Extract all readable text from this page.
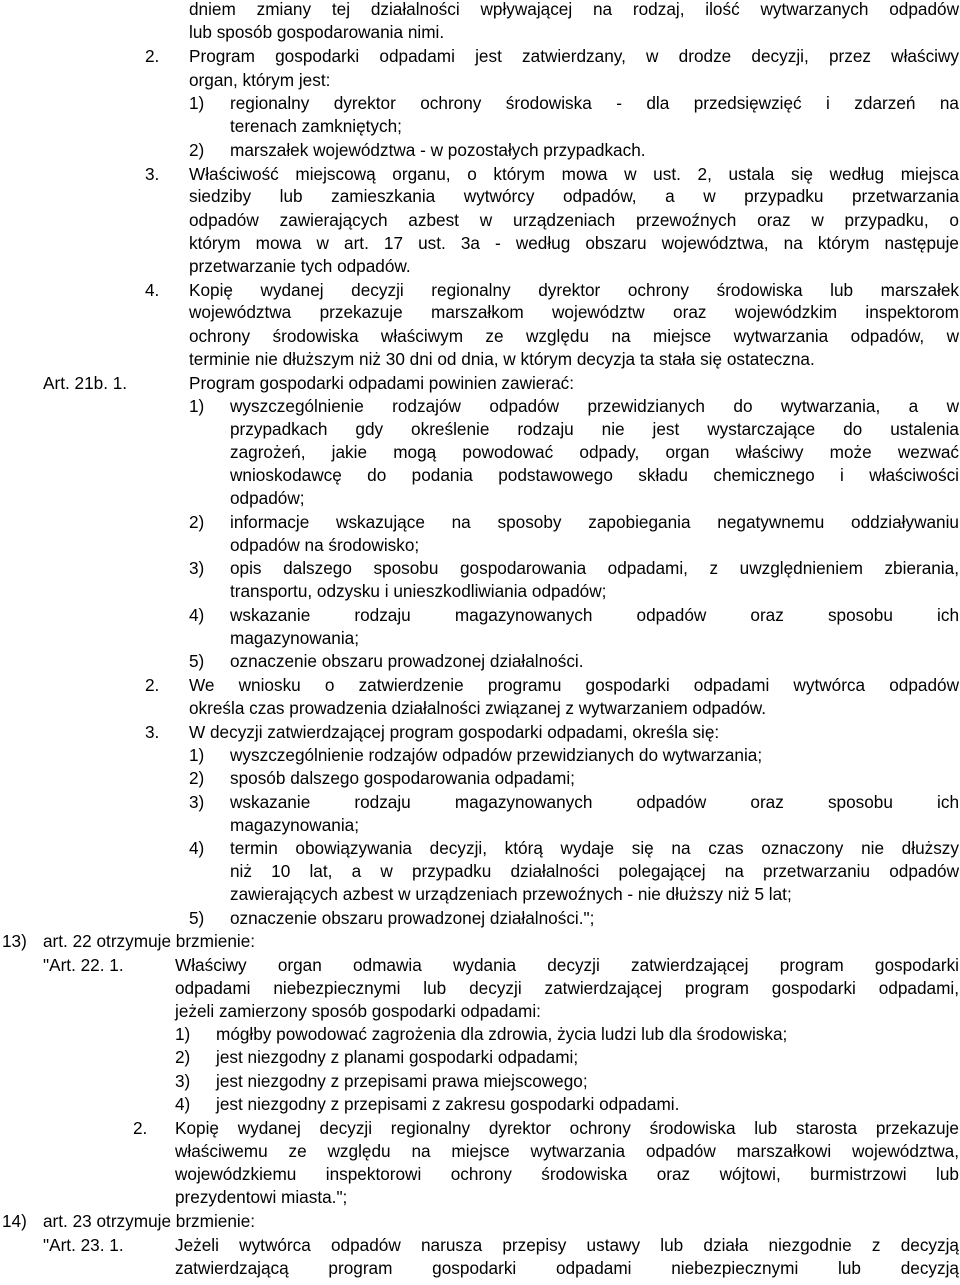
dniem zmiany tej działalności wpływającej na rodzaj, ilość wytwarzanych odpadów
lub sposób gospodarowania nimi.
2. Program gospodarki odpadami jest zatwierdzany, w drodze decyzji, przez właściwy
organ, którym jest:
1) regionalny dyrektor ochrony środowiska - dla przedsięwzięć i zdarzeń na
terenach zamkniętych;
2) marszałek województwa - w pozostałych przypadkach.
3. Właściwość miejscową organu, o którym mowa w ust. 2, ustala się według miejsca
siedziby lub zamieszkania wytwórcy odpadów, a w przypadku przetwarzania
odpadów zawierających azbest w urządzeniach przewoźnych oraz w przypadku, o
którym mowa w art. 17 ust. 3a - według obszaru województwa, na którym następuje
przetwarzanie tych odpadów.
4. Kopię wydanej decyzji regionalny dyrektor ochrony środowiska lub marszałek
województwa przekazuje marszałkom województw oraz wojewódzkim inspektorom
ochrony środowiska właściwym ze względu na miejsce wytwarzania odpadów, w
terminie nie dłuższym niż 30 dni od dnia, w którym decyzja ta stała się ostateczna.
Art. 21b. 1.	Program gospodarki odpadami powinien zawierać:
1) wyszczególnienie rodzajów odpadów przewidzianych do wytwarzania, a w
przypadkach gdy określenie rodzaju nie jest wystarczające do ustalenia
zagrożeń, jakie mogą powodować odpady, organ właściwy może wezwać
wnioskodawcę do podania podstawowego składu chemicznego i właściwości
odpadów;
2) informacje wskazujące na sposoby zapobiegania negatywnemu oddziaływaniu
odpadów na środowisko;
3) opis dalszego sposobu gospodarowania odpadami, z uwzględnieniem zbierania,
transportu, odzysku i unieszkodliwiania odpadów;
4) wskazanie rodzaju magazynowanych odpadów oraz sposobu ich
magazynowania;
5) oznaczenie obszaru prowadzonej działalności.
2. We wniosku o zatwierdzenie programu gospodarki odpadami wytwórca odpadów
określa czas prowadzenia działalności związanej z wytwarzaniem odpadów.
3. W decyzji zatwierdzającej program gospodarki odpadami, określa się:
1) wyszczególnienie rodzajów odpadów przewidzianych do wytwarzania;
2) sposób dalszego gospodarowania odpadami;
3) wskazanie rodzaju magazynowanych odpadów oraz sposobu ich
magazynowania;
4) termin obowiązywania decyzji, którą wydaje się na czas oznaczony nie dłuższy
niż 10 lat, a w przypadku działalności polegającej na przetwarzaniu odpadów
zawierających azbest w urządzeniach przewoźnych - nie dłuższy niż 5 lat;
5) oznaczenie obszaru prowadzonej działalności.";
13) art. 22 otrzymuje brzmienie:
"Art. 22. 1.	Właściwy organ odmawia wydania decyzji zatwierdzającej program gospodarki
odpadami niebezpiecznymi lub decyzji zatwierdzającej program gospodarki odpadami,
jeżeli zamierzony sposób gospodarki odpadami:
1) mógłby powodować zagrożenia dla zdrowia, życia ludzi lub dla środowiska;
2) jest niezgodny z planami gospodarki odpadami;
3) jest niezgodny z przepisami prawa miejscowego;
4) jest niezgodny z przepisami z zakresu gospodarki odpadami.
2. Kopię wydanej decyzji regionalny dyrektor ochrony środowiska lub starosta przekazuje
właściwemu ze względu na miejsce wytwarzania odpadów marszałkowi województwa,
wojewódzkiemu inspektorowi ochrony środowiska oraz wójtowi, burmistrzowi lub
prezydentowi miasta.";
14) art. 23 otrzymuje brzmienie:
"Art. 23. 1.	Jeżeli wytwórca odpadów narusza przepisy ustawy lub działa niezgodnie z decyzją
zatwierdzającą program gospodarki odpadami niebezpiecznymi lub decyzją
